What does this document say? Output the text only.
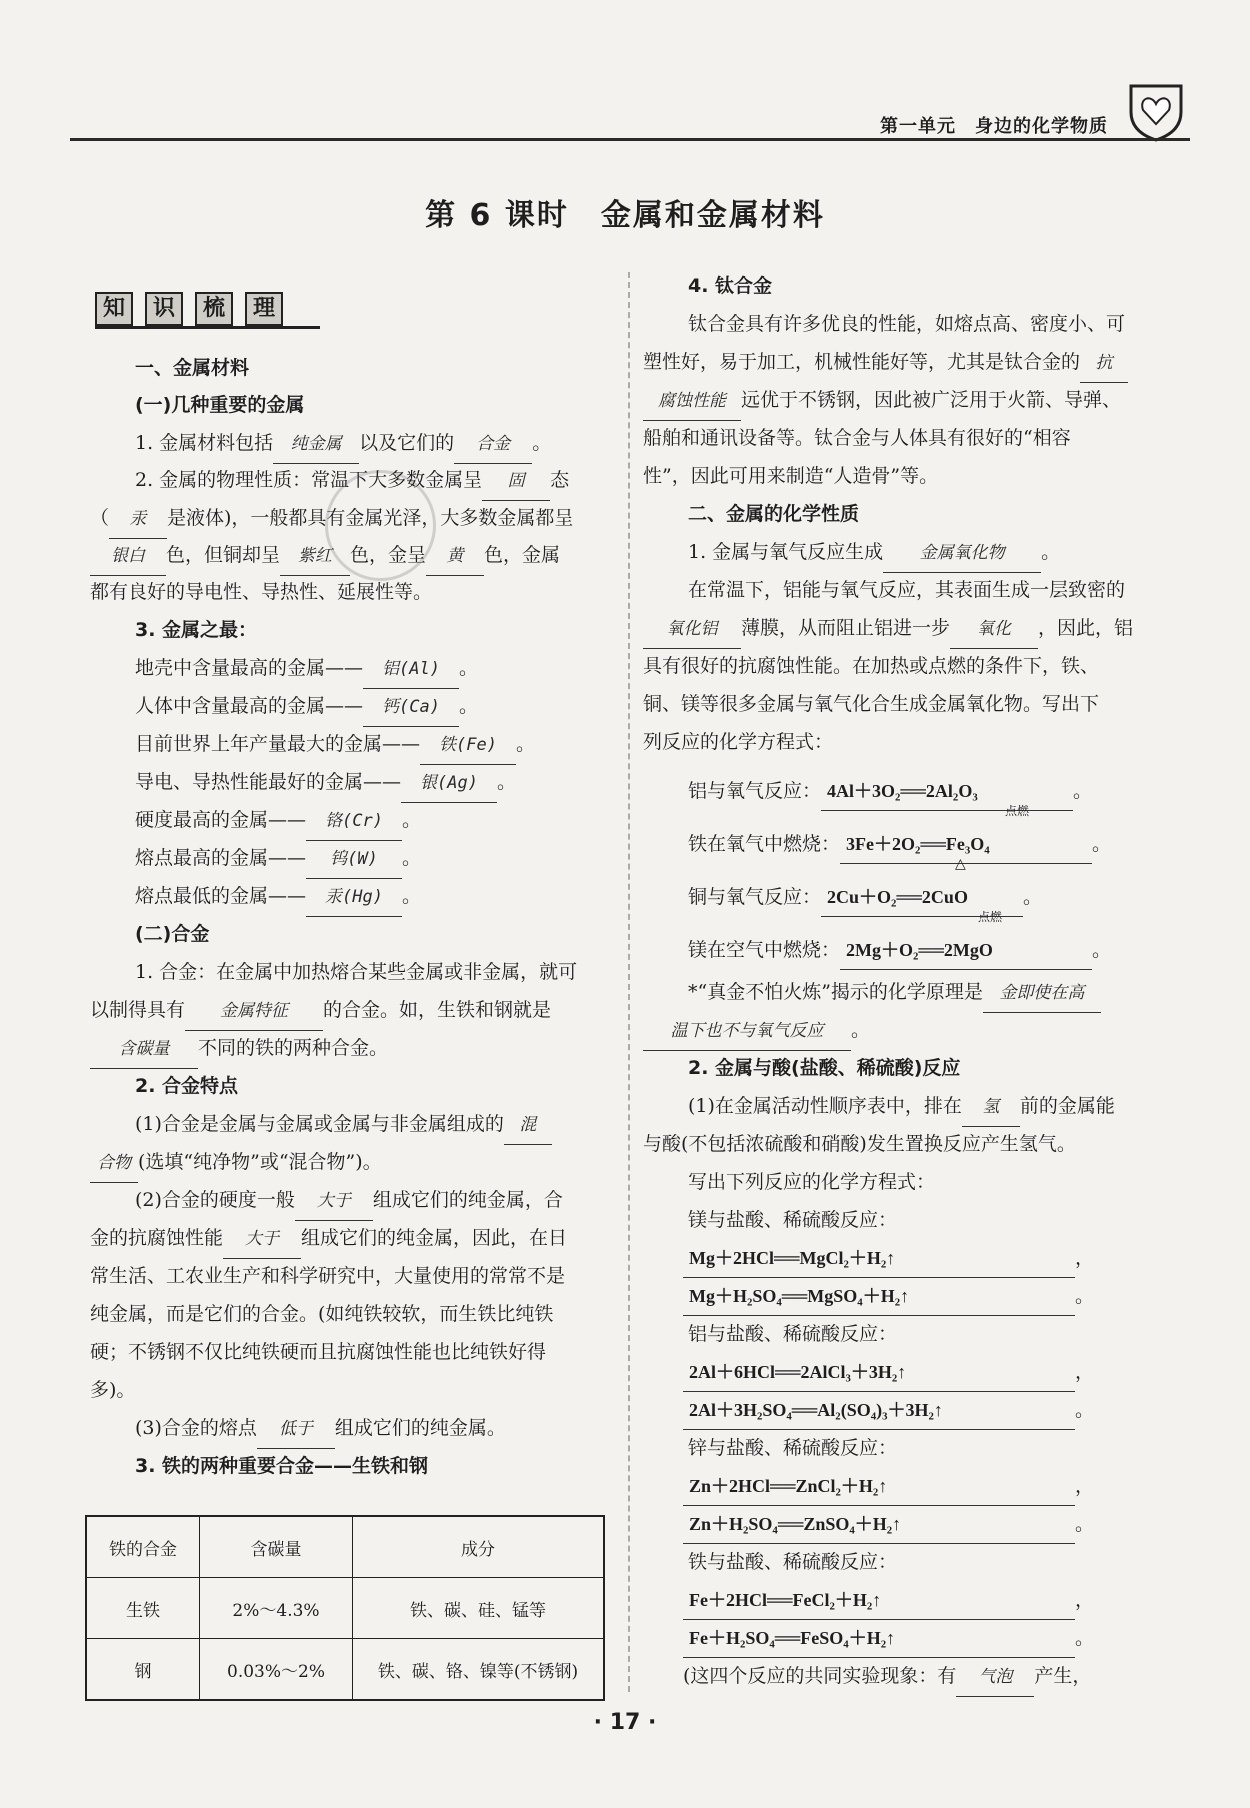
第一单元　身边的化学物质
第 6 课时　金属和金属材料
知 识 梳 理
一、金属材料
(一)几种重要的金属
1. 金属材料包括 纯金属 以及它们的 合金 。
2. 金属的物理性质：常温下大多数金属呈 固 态
（ 汞 是液体)，一般都具有金属光泽，大多数金属都呈
银白 色，但铜却呈 紫红 色，金呈 黄 色，金属
都有良好的导电性、导热性、延展性等。
3. 金属之最：
地壳中含量最高的金属—— 铝(Al) 。
人体中含量最高的金属—— 钙(Ca) 。
目前世界上年产量最大的金属—— 铁(Fe) 。
导电、导热性能最好的金属—— 银(Ag) 。
硬度最高的金属—— 铬(Cr) 。
熔点最高的金属—— 钨(W) 。
熔点最低的金属—— 汞(Hg) 。
(二)合金
1. 合金：在金属中加热熔合某些金属或非金属，就可
以制得具有 金属特征 的合金。如，生铁和钢就是
含碳量 不同的铁的两种合金。
2. 合金特点
(1)合金是金属与金属或金属与非金属组成的 混
合物 (选填“纯净物”或“混合物”)。
(2)合金的硬度一般 大于 组成它们的纯金属，合
金的抗腐蚀性能 大于 组成它们的纯金属，因此，在日
常生活、工农业生产和科学研究中，大量使用的常常不是
纯金属，而是它们的合金。(如纯铁较软，而生铁比纯铁
硬；不锈钢不仅比纯铁硬而且抗腐蚀性能也比纯铁好得
多)。
(3)合金的熔点 低于 组成它们的纯金属。
3. 铁的两种重要合金——生铁和钢
铁的合金	含碳量	成分
生铁	2%～4.3%	铁、碳、硅、锰等
钢	0.03%～2%	铁、碳、铬、镍等(不锈钢)
4. 钛合金
钛合金具有许多优良的性能，如熔点高、密度小、可
塑性好，易于加工，机械性能好等，尤其是钛合金的 抗
腐蚀性能 远优于不锈钢，因此被广泛用于火箭、导弹、
船舶和通讯设备等。钛合金与人体具有很好的“相容
性”，因此可用来制造“人造骨”等。
二、金属的化学性质
1. 金属与氧气反应生成 金属氧化物 。
在常温下，铝能与氧气反应，其表面生成一层致密的
氧化铝 薄膜，从而阻止铝进一步 氧化 ，因此，铝
具有很好的抗腐蚀性能。在加热或点燃的条件下，铁、
铜、镁等很多金属与氧气化合生成金属氧化物。写出下
列反应的化学方程式：
铝与氧气反应： 4Al＋3O₂══2Al₂O₃	。
铁在氧气中燃烧： 3Fe＋2O₂══Fe₃O₄	。
点燃
铜与氧气反应： 2Cu＋O₂══2CuO	。
△
镁在空气中燃烧： 2Mg＋O₂══2MgO	。
点燃
*“真金不怕火炼”揭示的化学原理是 金即使在高
温下也不与氧气反应 。
2. 金属与酸(盐酸、稀硫酸)反应
(1)在金属活动性顺序表中，排在 氢 前的金属能
与酸(不包括浓硫酸和硝酸)发生置换反应产生氢气。
写出下列反应的化学方程式：
镁与盐酸、稀硫酸反应：
Mg＋2HCl══MgCl₂＋H₂↑	，
Mg＋H₂SO₄══MgSO₄＋H₂↑	。
铝与盐酸、稀硫酸反应：
2Al＋6HCl══2AlCl₃＋3H₂↑	，
2Al＋3H₂SO₄══Al₂(SO₄)₃＋3H₂↑	。
锌与盐酸、稀硫酸反应：
Zn＋2HCl══ZnCl₂＋H₂↑	，
Zn＋H₂SO₄══ZnSO₄＋H₂↑	。
铁与盐酸、稀硫酸反应：
Fe＋2HCl══FeCl₂＋H₂↑	，
Fe＋H₂SO₄══FeSO₄＋H₂↑	。
(这四个反应的共同实验现象：有 气泡 产生，
· 17 ·
